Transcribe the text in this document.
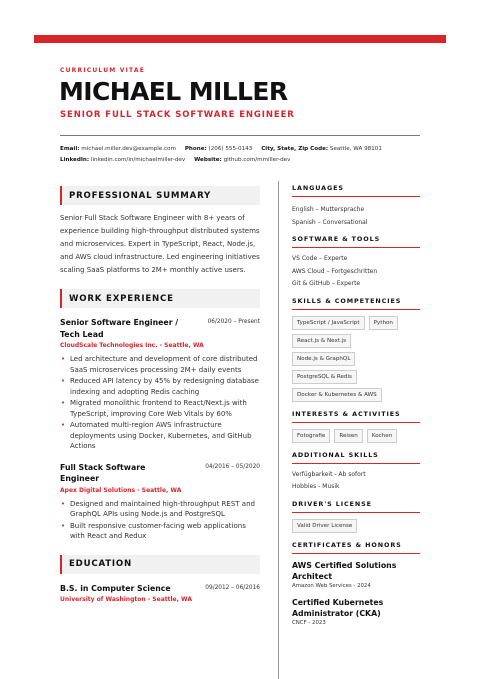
CURRICULUM VITAE
MICHAEL MILLER
SENIOR FULL STACK SOFTWARE ENGINEER
Email: michael.miller.dev@example.com Phone: (206) 555-0143 City, State, Zip Code: Seattle, WA 98101
LinkedIn: linkedin.com/in/michaelmiller-dev Website: github.com/mmiller-dev
PROFESSIONAL SUMMARY

Senior Full Stack Software Engineer with 8+ years of experience building high-throughput distributed systems and microservices. Expert in TypeScript, React, Node.js, and AWS cloud infrastructure. Led engineering initiatives scaling SaaS platforms to 2M+ monthly active users.

WORK EXPERIENCE
Senior Software Engineer / Tech Lead
06/2020 – Present
CloudScale Technologies Inc. - Seattle, WA
• Led architecture and development of core distributed SaaS microservices processing 2M+ daily events
• Reduced API latency by 45% by redesigning database indexing and adopting Redis caching
• Migrated monolithic frontend to React/Next.js with TypeScript, improving Core Web Vitals by 60%
• Automated multi-region AWS infrastructure deployments using Docker, Kubernetes, and GitHub Actions
Full Stack Software Engineer
04/2016 – 05/2020
Apex Digital Solutions - Seattle, WA
• Designed and maintained high-throughput REST and GraphQL APIs using Node.js and PostgreSQL
• Built responsive customer-facing web applications with React and Redux
EDUCATION
B.S. in Computer Science	09/2012 – 06/2016
University of Washington - Seattle, WA
LANGUAGES
English – Muttersprache
Spanish – Conversational
SOFTWARE & TOOLS
VS Code – Experte
AWS Cloud – Fortgeschritten
Git & GitHub – Experte
SKILLS & COMPETENCIES
TypeScript / JavaScript	Python
React.js & Next.js
Node.js & GraphQL
PostgreSQL & Redis
Docker & Kubernetes & AWS
INTERESTS & ACTIVITIES
Fotografie	Reisen	Kochen
ADDITIONAL SKILLS
Verfügbarkeit - Ab sofort
Hobbies - Musik
DRIVER'S LICENSE
Valid Driver License
CERTIFICATES & HONORS
AWS Certified Solutions Architect
Amazon Web Services - 2024
Certified Kubernetes Administrator (CKA)
CNCF - 2023
